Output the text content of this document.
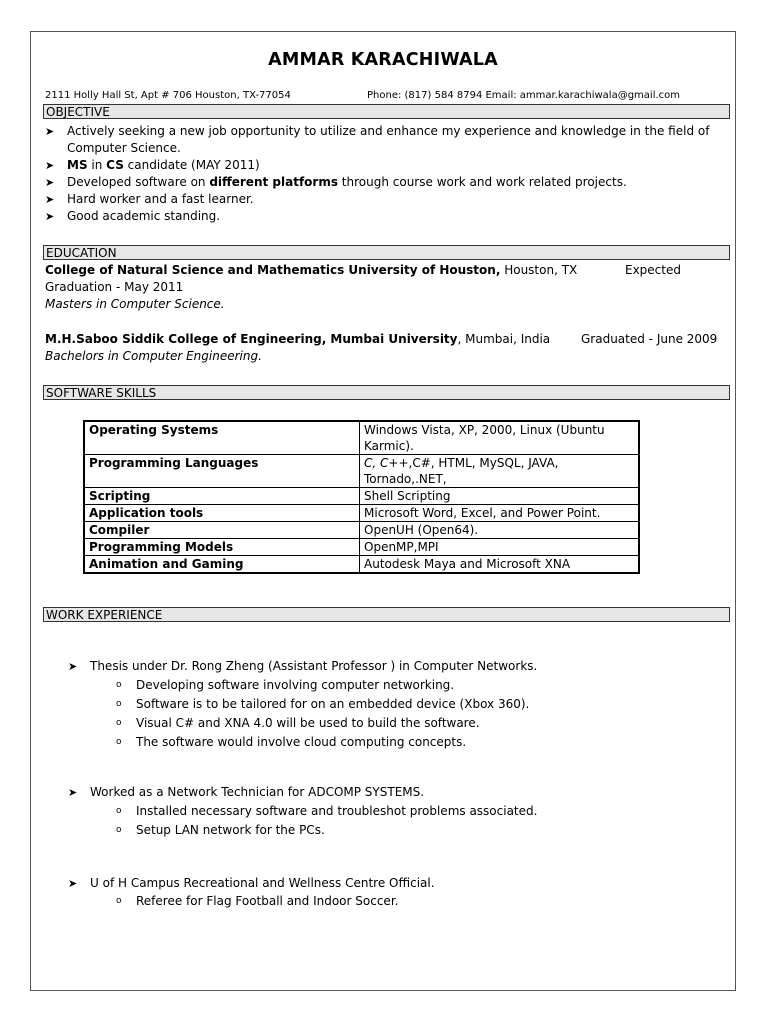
AMMAR KARACHIWALA
2111 Holly Hall St, Apt # 706 Houston, TX-77054	Phone: (817) 584 8794 Email: ammar.karachiwala@gmail.com
OBJECTIVE
➤ Actively seeking a new job opportunity to utilize and enhance my experience and knowledge in the field of
Computer Science.
➤ MS in CS candidate (MAY 2011)
➤ Developed software on different platforms through course work and work related projects.
➤ Hard worker and a fast learner.
➤ Good academic standing.
EDUCATION
College of Natural Science and Mathematics University of Houston, Houston, TX	Expected
Graduation - May 2011
Masters in Computer Science.
M.H.Saboo Siddik College of Engineering, Mumbai University, Mumbai, India	Graduated - June 2009
Bachelors in Computer Engineering.
SOFTWARE SKILLS
Operating Systems	Windows Vista, XP, 2000, Linux (Ubuntu
Karmic).

Programming Languages	C, C++,C#, HTML, MySQL, JAVA,
Tornado,.NET,

Scripting	Shell Scripting
Application tools	Microsoft Word, Excel, and Power Point.
Compiler	OpenUH (Open64).
Programming Models	OpenMP,MPI
Animation and Gaming	Autodesk Maya and Microsoft XNA
WORK EXPERIENCE
➤ Thesis under Dr. Rong Zheng (Assistant Professor ) in Computer Networks.
o Developing software involving computer networking.
o Software is to be tailored for on an embedded device (Xbox 360).
o Visual C# and XNA 4.0 will be used to build the software.
o The software would involve cloud computing concepts.
➤ Worked as a Network Technician for ADCOMP SYSTEMS.
o Installed necessary software and troubleshot problems associated.
o Setup LAN network for the PCs.
➤ U of H Campus Recreational and Wellness Centre Official.
o Referee for Flag Football and Indoor Soccer.
